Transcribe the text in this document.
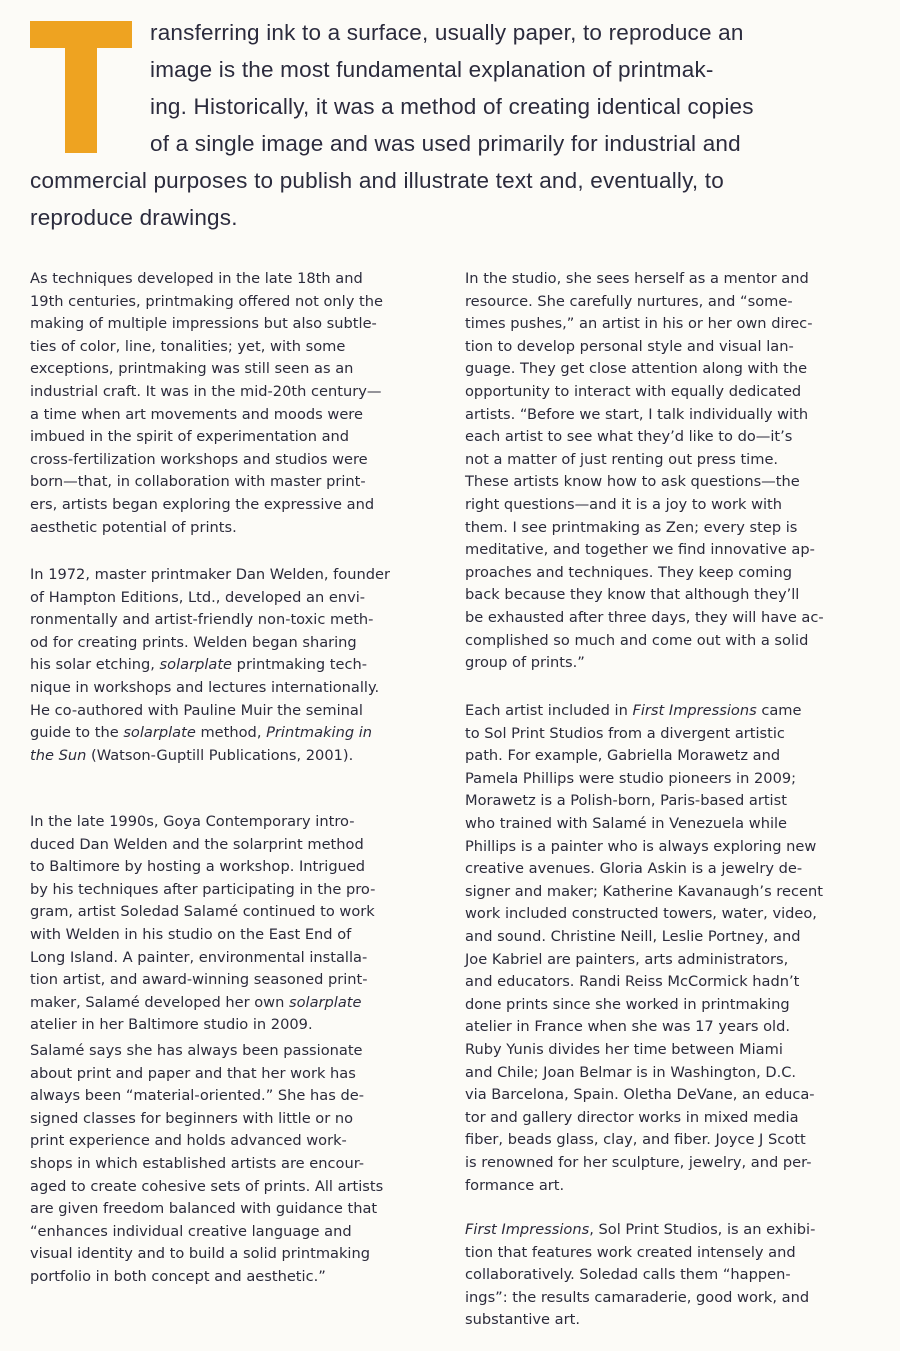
ransferring ink to a surface, usually paper, to reproduce an
image is the most fundamental explanation of printmak-
ing. Historically, it was a method of creating identical copies
of a single image and was used primarily for industrial and
commercial purposes to publish and illustrate text and, eventually, to
reproduce drawings.
As techniques developed in the late 18th and
19th centuries, printmaking offered not only the
making of multiple impressions but also subtle-
ties of color, line, tonalities; yet, with some
exceptions, printmaking was still seen as an
industrial craft. It was in the mid-20th century—
a time when art movements and moods were
imbued in the spirit of experimentation and
cross-fertilization workshops and studios were
born—that, in collaboration with master print-
ers, artists began exploring the expressive and
aesthetic potential of prints.
In 1972, master printmaker Dan Welden, founder
of Hampton Editions, Ltd., developed an envi-
ronmentally and artist-friendly non-toxic meth-
od for creating prints. Welden began sharing
his solar etching, solarplate printmaking tech-
nique in workshops and lectures internationally.
He co-authored with Pauline Muir the seminal
guide to the solarplate method, Printmaking in
the Sun (Watson-Guptill Publications, 2001).
In the late 1990s, Goya Contemporary intro-
duced Dan Welden and the solarprint method
to Baltimore by hosting a workshop. Intrigued
by his techniques after participating in the pro-
gram, artist Soledad Salamé continued to work
with Welden in his studio on the East End of
Long Island. A painter, environmental installa-
tion artist, and award-winning seasoned print-
maker, Salamé developed her own solarplate
atelier in her Baltimore studio in 2009.
Salamé says she has always been passionate
about print and paper and that her work has
always been “material-oriented.” She has de-
signed classes for beginners with little or no
print experience and holds advanced work-
shops in which established artists are encour-
aged to create cohesive sets of prints. All artists
are given freedom balanced with guidance that
“enhances individual creative language and
visual identity and to build a solid printmaking
portfolio in both concept and aesthetic.”
In the studio, she sees herself as a mentor and
resource. She carefully nurtures, and “some-
times pushes,” an artist in his or her own direc-
tion to develop personal style and visual lan-
guage. They get close attention along with the
opportunity to interact with equally dedicated
artists. “Before we start, I talk individually with
each artist to see what they’d like to do—it’s
not a matter of just renting out press time.
These artists know how to ask questions—the
right questions—and it is a joy to work with
them. I see printmaking as Zen; every step is
meditative, and together we find innovative ap-
proaches and techniques. They keep coming
back because they know that although they’ll
be exhausted after three days, they will have ac-
complished so much and come out with a solid
group of prints.”
Each artist included in First Impressions came
to Sol Print Studios from a divergent artistic
path. For example, Gabriella Morawetz and
Pamela Phillips were studio pioneers in 2009;
Morawetz is a Polish-born, Paris-based artist
who trained with Salamé in Venezuela while
Phillips is a painter who is always exploring new
creative avenues. Gloria Askin is a jewelry de-
signer and maker; Katherine Kavanaugh’s recent
work included constructed towers, water, video,
and sound. Christine Neill, Leslie Portney, and
Joe Kabriel are painters, arts administrators,
and educators. Randi Reiss McCormick hadn’t
done prints since she worked in printmaking
atelier in France when she was 17 years old.
Ruby Yunis divides her time between Miami
and Chile; Joan Belmar is in Washington, D.C.
via Barcelona, Spain. Oletha DeVane, an educa-
tor and gallery director works in mixed media
fiber, beads glass, clay, and fiber. Joyce J Scott
is renowned for her sculpture, jewelry, and per-
formance art.
First Impressions, Sol Print Studios, is an exhibi-
tion that features work created intensely and
collaboratively. Soledad calls them “happen-
ings”: the results camaraderie, good work, and
substantive art.
